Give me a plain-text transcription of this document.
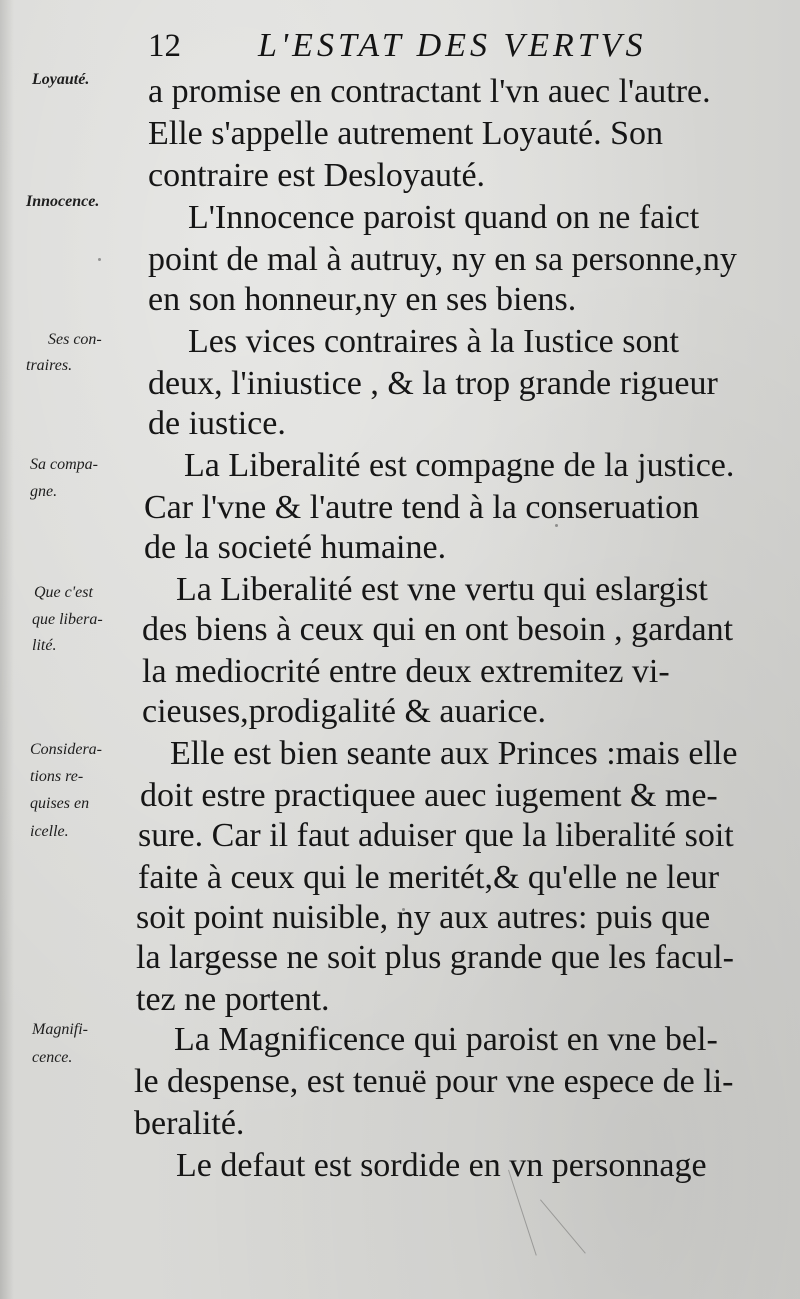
12 L'ESTAT DES VERTVS
Loyauté.
Innocence.
Ses con-
traires.
Sa compa-
gne.
Que c'est
que libera-
lité.
Considera-
tions re-
quises en
icelle.
Magnifi-
cence.
a promise en contractant l'vn auec l'autre.
Elle s'appelle autrement Loyauté. Son
contraire est Desloyauté.
L'Innocence paroist quand on ne faict
point de mal à autruy, ny en sa personne,ny
en son honneur,ny en ses biens.
Les vices contraires à la Iustice sont
deux, l'iniustice , & la trop grande rigueur
de iustice.
La Liberalité est compagne de la justice.
Car l'vne & l'autre tend à la conseruation
de la societé humaine.
La Liberalité est vne vertu qui eslargist
des biens à ceux qui en ont besoin , gardant
la mediocrité entre deux extremitez vi-
cieuses,prodigalité & auarice.
Elle est bien seante aux Princes :mais elle
doit estre practiquee auec iugement & me-
sure. Car il faut aduiser que la liberalité soit
faite à ceux qui le meritét,& qu'elle ne leur
soit point nuisible, ny aux autres: puis que
la largesse ne soit plus grande que les facul-
tez ne portent.
La Magnificence qui paroist en vne bel-
le despense, est tenuë pour vne espece de li-
beralité.
Le defaut est sordide en vn personnage
